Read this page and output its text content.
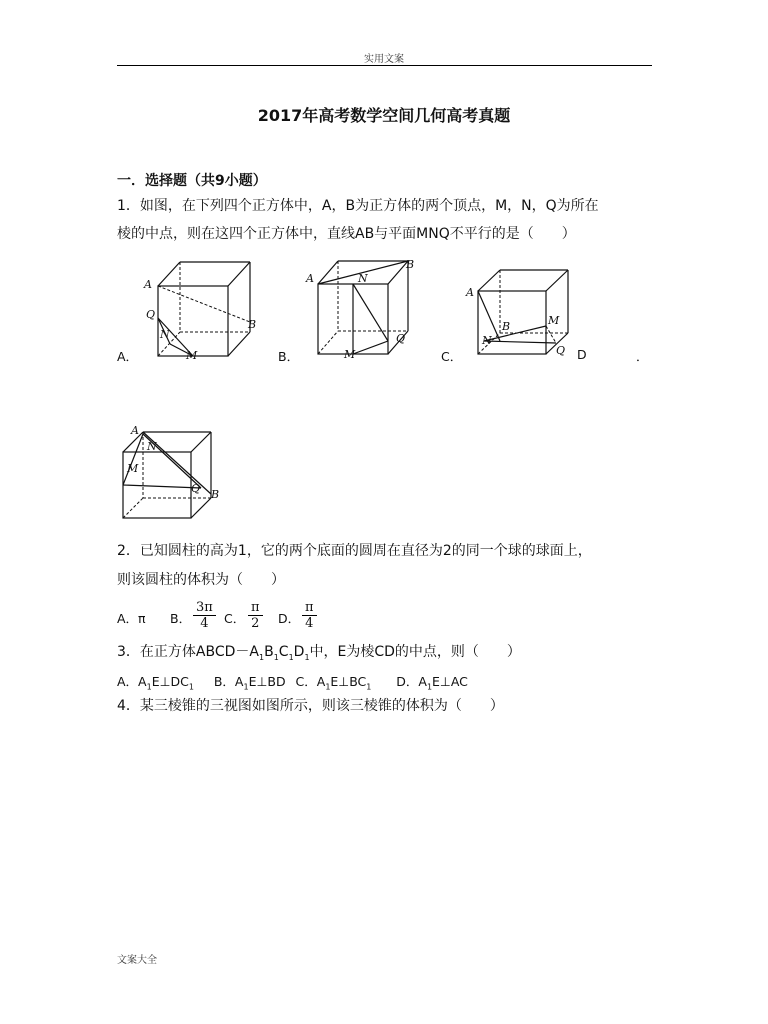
实用文案
2017年高考数学空间几何高考真题
一．选择题（共9小题）
1．如图，在下列四个正方体中，A，B为正方体的两个顶点，M，N，Q为所在
棱的中点，则在这四个正方体中，直线AB与平面MNQ不平行的是（　　）
A
Q
N
M
B
A	N
B
M
Q
A
B	M
N
Q
A．	B．	C．	D	．
A
N
M
Q B
2．已知圆柱的高为1，它的两个底面的圆周在直径为2的同一个球的球面上，
则该圆柱的体积为（　　）
A．π B． $\frac{3\pi}{4}$ C． $\frac{\pi}{2}$ D． $\frac{\pi}{4}$
3．在正方体$ABCD-A_1B_1C_1D_1$中，E为棱CD的中点，则（　　）
A．$A_1E\perp DC_1$ B．$A_1E\perp BD$ C．$A_1E\perp BC_1$ D．$A_1E\perp AC$
4．某三棱锥的三视图如图所示，则该三棱锥的体积为（　　）
文案大全
